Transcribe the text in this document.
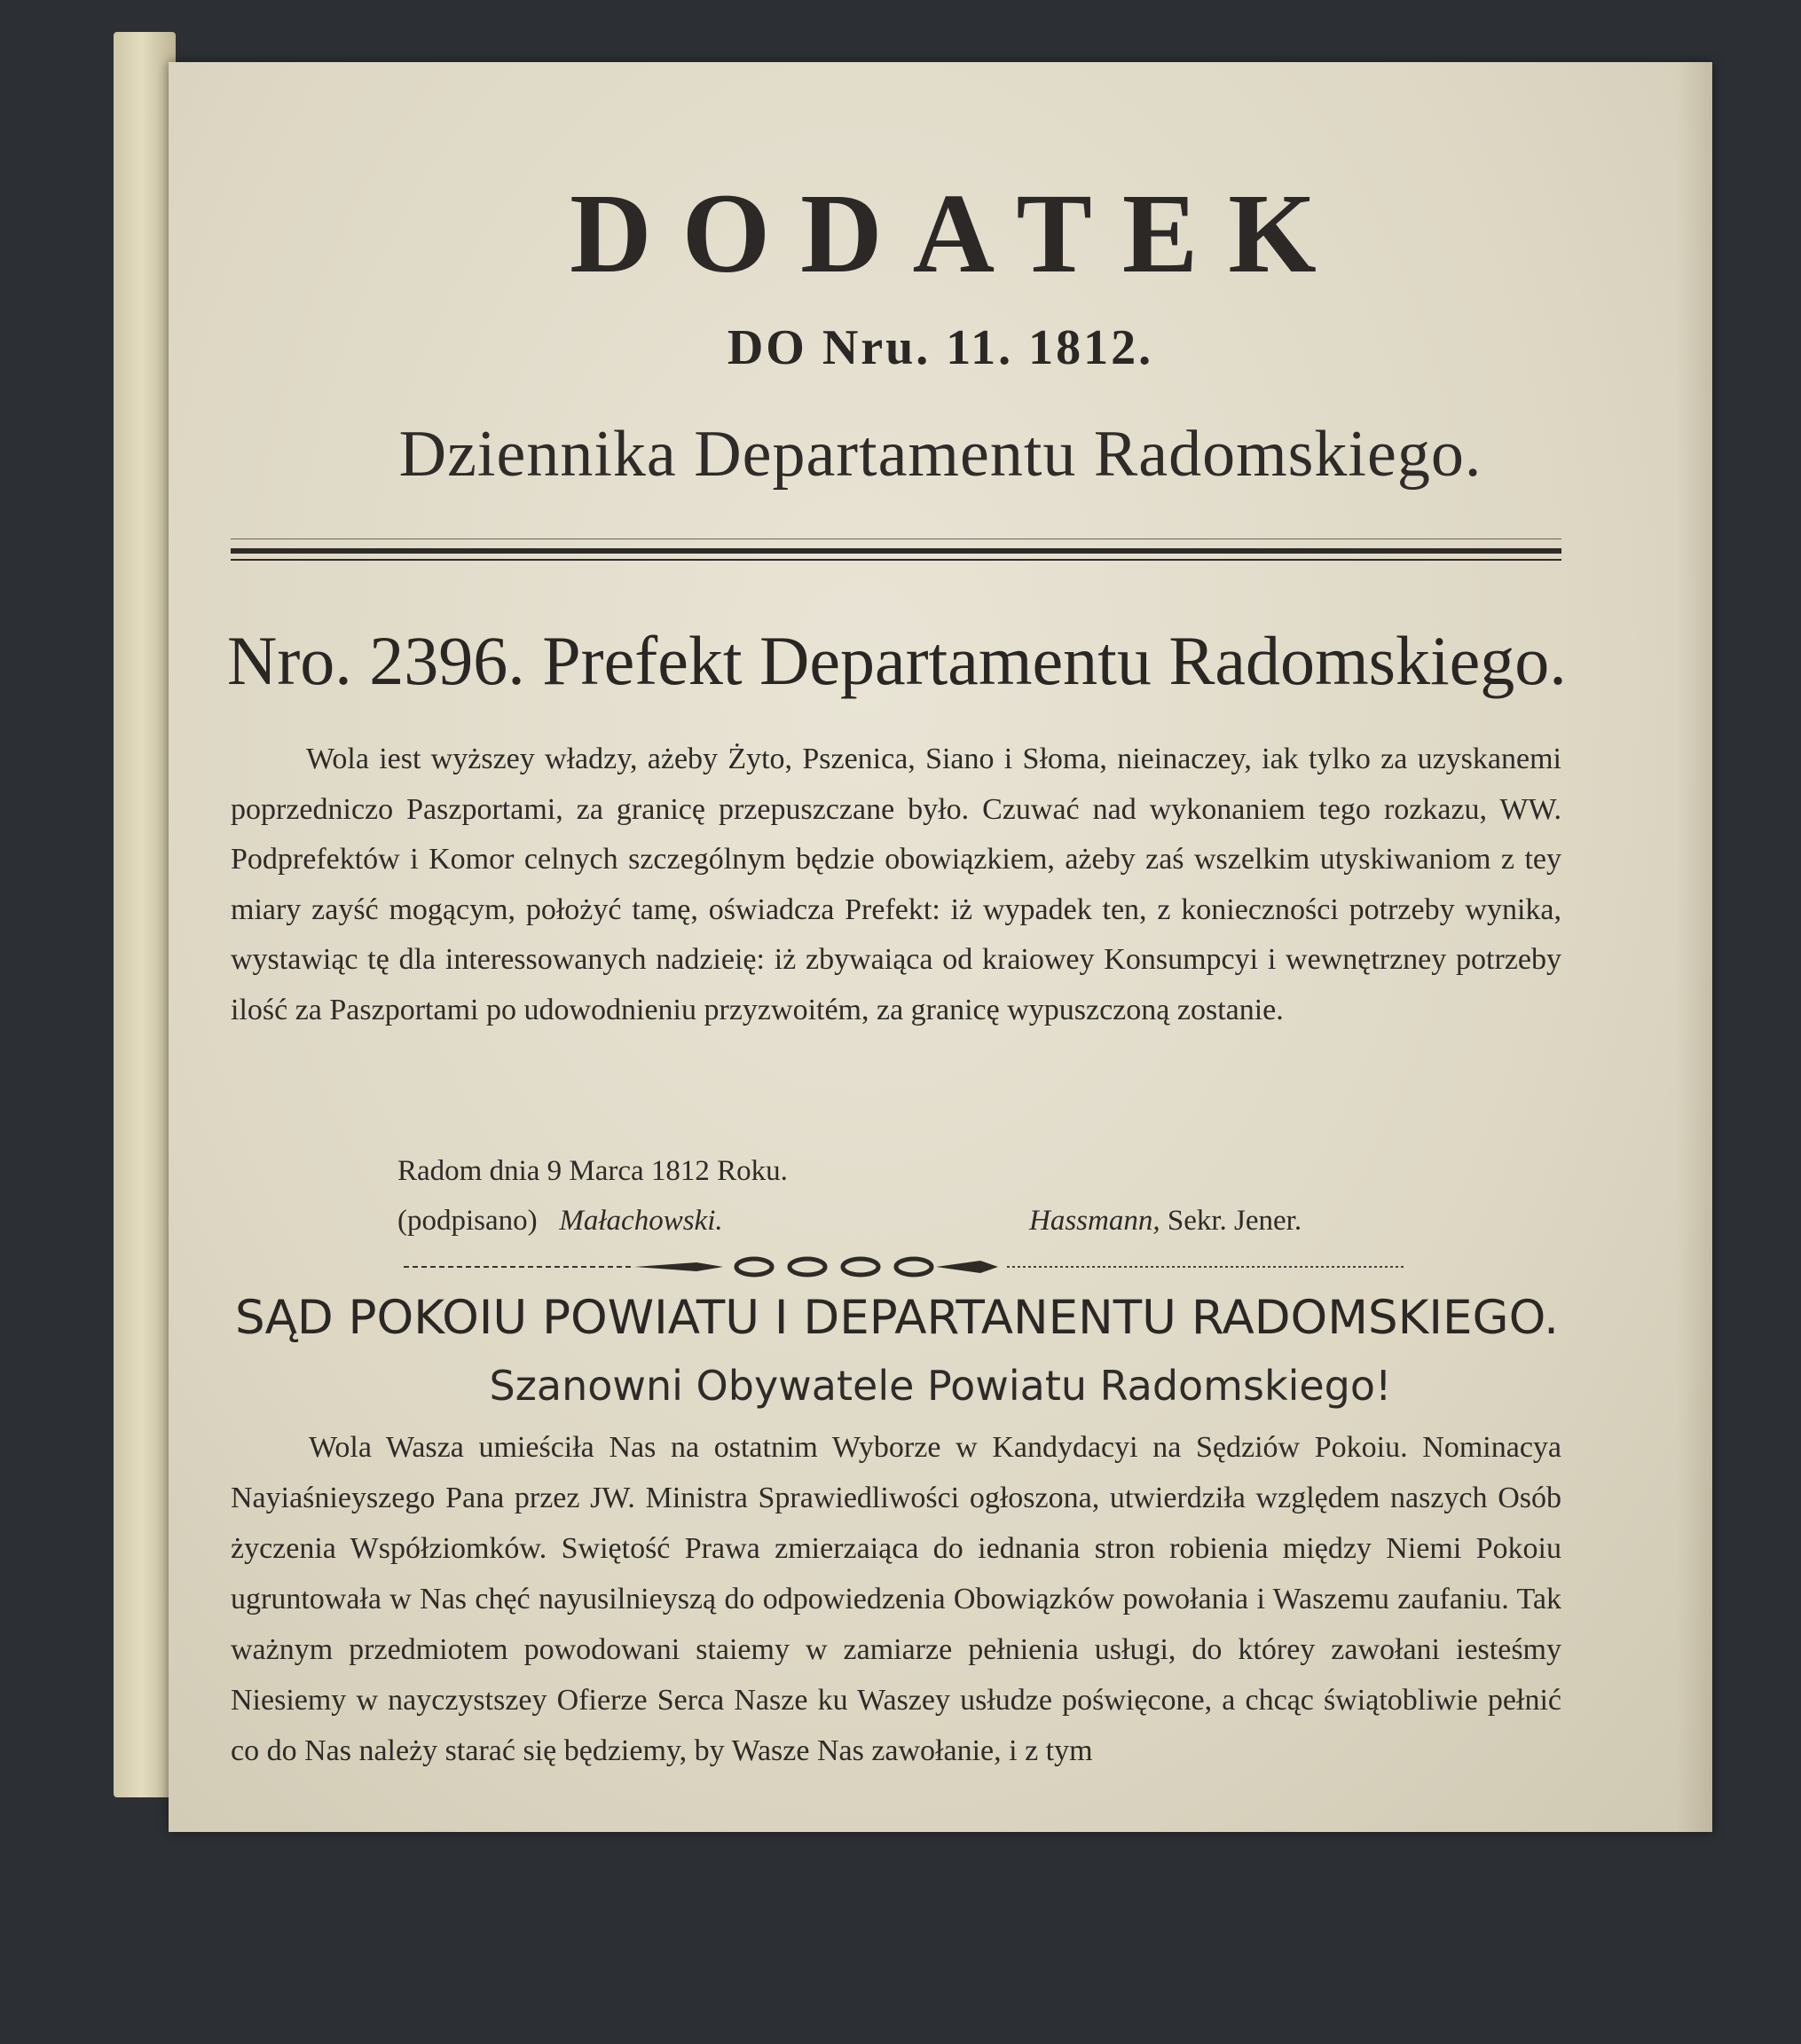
DODATEK
DO Nru. 11. 1812.
Dziennika Departamentu Radomskiego.
Nro. 2396. Prefekt Departamentu Radomskiego.
Wola iest wyższey władzy, ażeby Żyto, Pszenica, Siano i Słoma, nieinaczey, iak tylko za uzyskanemi poprzedniczo Paszportami, za granicę przepuszczane było. Czuwać nad wykonaniem tego rozkazu, WW. Podprefektów i Komor celnych szczególnym będzie obowiązkiem, ażeby zaś wszelkim utyskiwaniom z tey miary zayść mogącym, położyć tamę, oświadcza Prefekt: iż wypadek ten, z konieczności potrzeby wynika, wystawiąc tę dla interessowanych nadzieię: iż zbywaiąca od kraiowey Konsumpcyi i wewnętrzney potrzeby ilość za Paszportami po udowodnieniu przyzwoitém, za granicę wypuszczoną zostanie.
Radom dnia 9 Marca 1812 Roku.
(podpisano) Małachowski.	Hassmann, Sekr. Jener.
SĄD POKOIU POWIATU I DEPARTANENTU RADOMSKIEGO.
Szanowni Obywatele Powiatu Radomskiego!
Wola Wasza umieściła Nas na ostatnim Wyborze w Kandydacyi na Sędziów Pokoiu. Nominacya Nayiaśnieyszego Pana przez JW. Ministra Sprawiedliwości ogłoszona, utwierdziła względem naszych Osób życzenia Współziomków. Swiętość Prawa zmierzaiąca do iednania stron robienia między Niemi Pokoiu ugruntowała w Nas chęć nayusilnieyszą do odpowiedzenia Obowiązków powołania i Waszemu zaufaniu. Tak ważnym przedmiotem powodowani staiemy w zamiarze pełnienia usługi, do którey zawołani iesteśmy Niesiemy w nayczystszey Ofierze Serca Nasze ku Waszey usłudze poświęcone, a chcąc świątobliwie pełnić co do Nas należy starać się będziemy, by Wasze Nas zawołanie, i z tym
